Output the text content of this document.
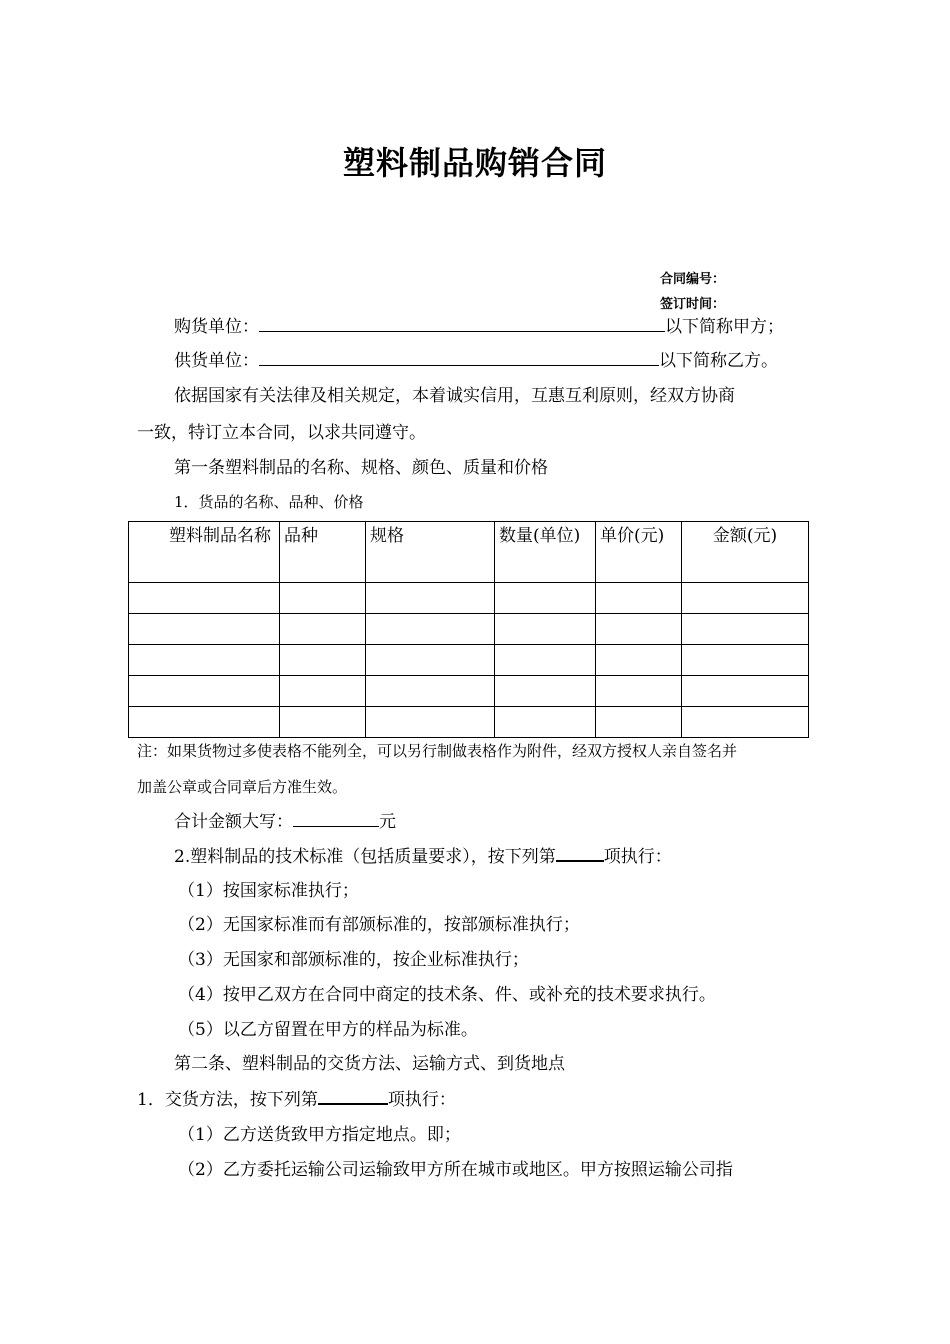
塑料制品购销合同
合同编号：
签订时间：
购货单位：	以下简称甲方；
供货单位：	以下简称乙方。
依据国家有关法律及相关规定，本着诚实信用，互惠互利原则，经双方协商
一致，特订立本合同，以求共同遵守。
第一条塑料制品的名称、规格、颜色、质量和价格
1．货品的名称、品种、价格
塑料制品名称	品种	规格	数量(单位)	单价(元)	金额(元)

注：如果货物过多使表格不能列全，可以另行制做表格作为附件，经双方授权人亲自签名并
加盖公章或合同章后方准生效。
合计金额大写：	元
2.塑料制品的技术标准（包括质量要求），按下列第	项执行：
（1）按国家标准执行；
（2）无国家标准而有部颁标准的，按部颁标准执行；
（3）无国家和部颁标准的，按企业标准执行；
（4）按甲乙双方在合同中商定的技术条、件、或补充的技术要求执行。
（5）以乙方留置在甲方的样品为标准。
第二条、塑料制品的交货方法、运输方式、到货地点
1．交货方法，按下列第	项执行：
（1）乙方送货致甲方指定地点。即；
（2）乙方委托运输公司运输致甲方所在城市或地区。甲方按照运输公司指
